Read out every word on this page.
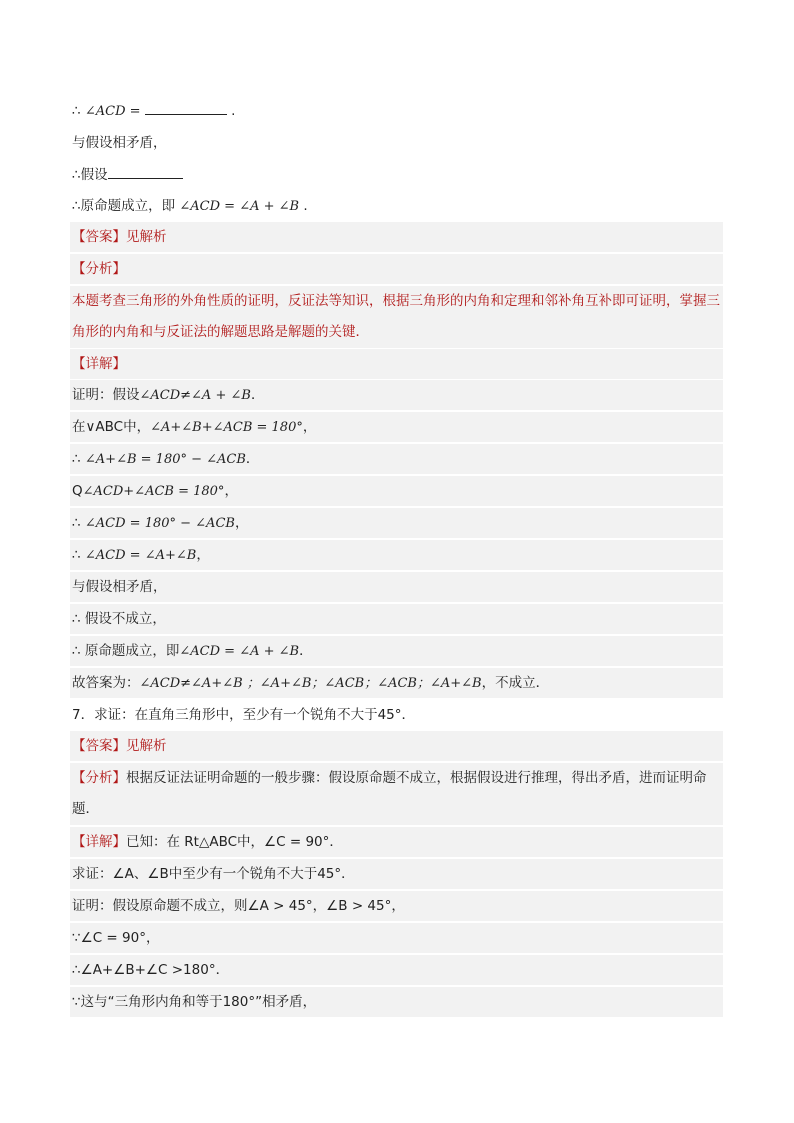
∴ ∠ACD =	.
与假设相矛盾，
∴假设
∴原命题成立，即 ∠ACD = ∠A + ∠B .
【答案】见解析
【分析】
本题考查三角形的外角性质的证明，反证法等知识，根据三角形的内角和定理和邻补角互补即可证明，掌握三角形的内角和与反证法的解题思路是解题的关键．
【详解】
证明：假设∠ACD≠∠A + ∠B．
在∨ABC中，∠A+∠B+∠ACB = 180°，
∴ ∠A+∠B = 180° − ∠ACB．
Q∠ACD+∠ACB = 180°，
∴ ∠ACD = 180° − ∠ACB，
∴ ∠ACD = ∠A+∠B，
与假设相矛盾，
∴ 假设不成立，
∴ 原命题成立，即∠ACD = ∠A + ∠B．
故答案为：∠ACD≠∠A+∠B ；∠A+∠B；∠ACB；∠ACB；∠A+∠B，不成立．
7．求证：在直角三角形中，至少有一个锐角不大于45°．
【答案】见解析
【分析】根据反证法证明命题的一般步骤：假设原命题不成立，根据假设进行推理，得出矛盾，进而证明命题．
【详解】已知：在 Rt△ABC中，∠C = 90°．
求证：∠A、∠B中至少有一个锐角不大于45°．
证明：假设原命题不成立，则∠A > 45°，∠B > 45°，
∵∠C = 90°，
∴∠A+∠B+∠C >180°．
∵这与“三角形内角和等于180°”相矛盾，
